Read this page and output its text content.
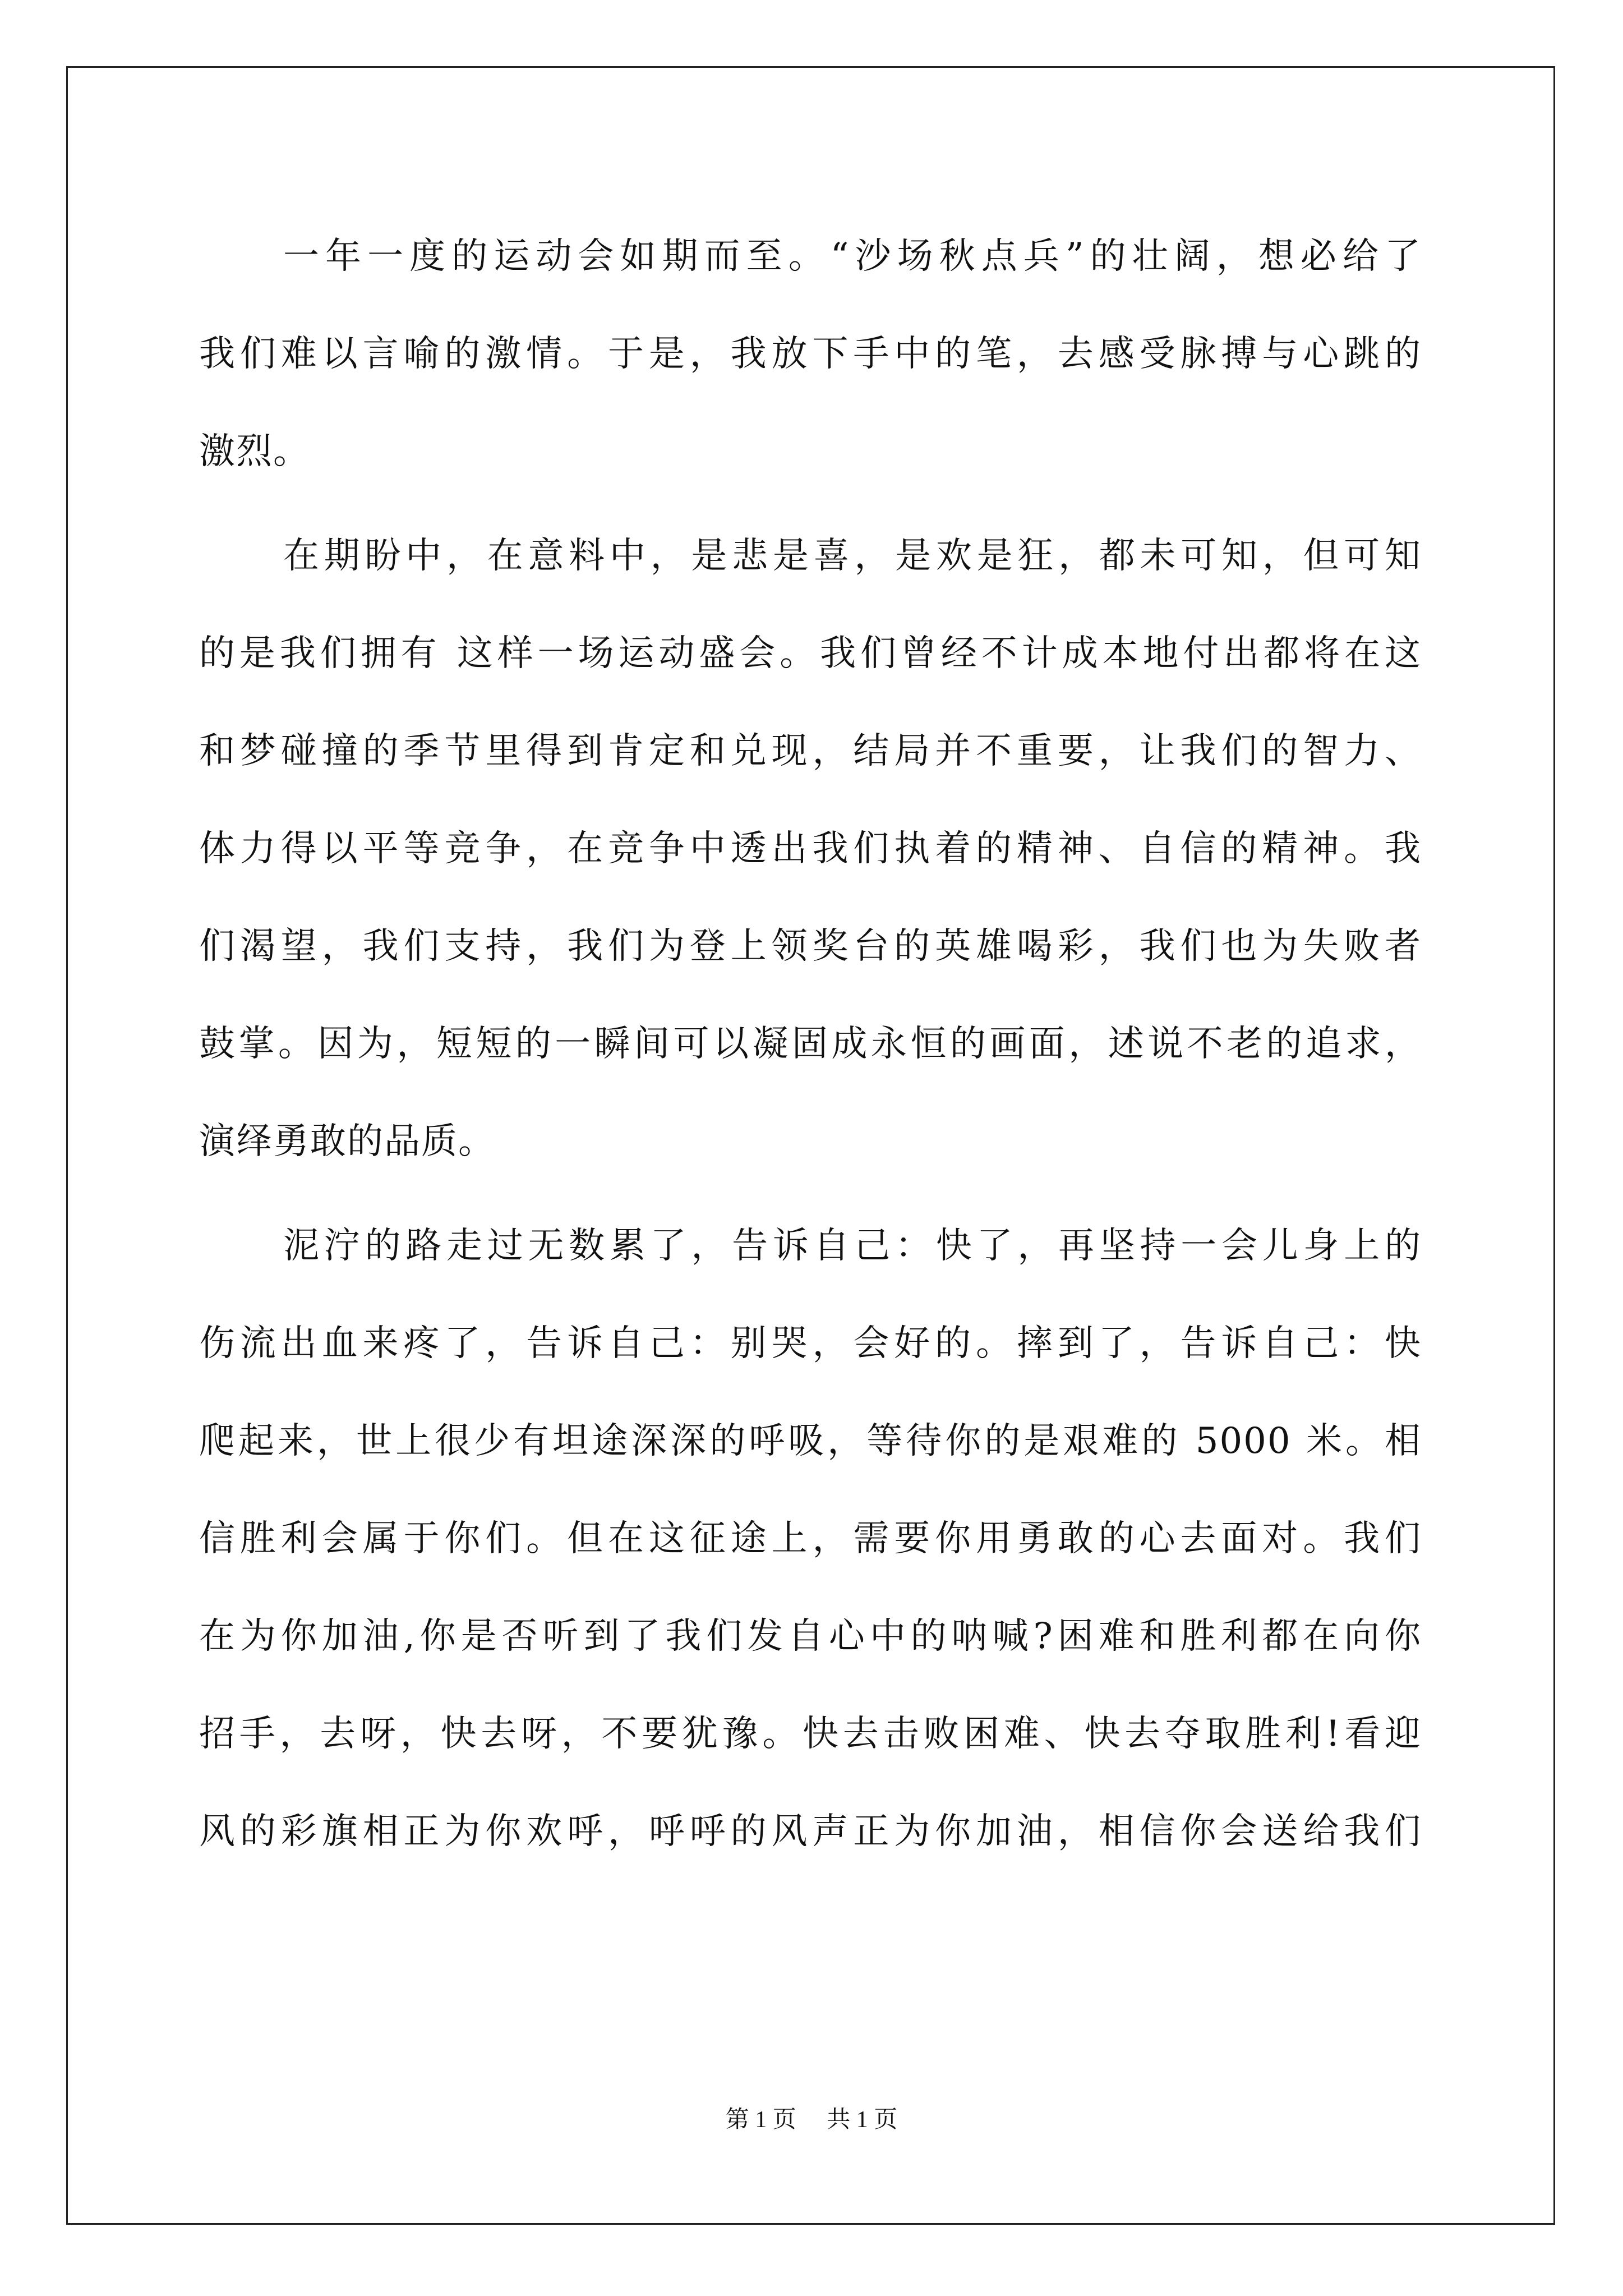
一年一度的运动会如期而至。“沙场秋点兵”的壮阔，想必给了
我们难以言喻的激情。于是，我放下手中的笔，去感受脉搏与心跳的
激烈。
在期盼中，在意料中，是悲是喜，是欢是狂，都未可知，但可知
的是我们拥有 这样一场运动盛会。我们曾经不计成本地付出都将在这
和梦碰撞的季节里得到肯定和兑现，结局并不重要，让我们的智力、
体力得以平等竞争，在竞争中透出我们执着的精神、自信的精神。我
们渴望，我们支持，我们为登上领奖台的英雄喝彩，我们也为失败者
鼓掌。因为，短短的一瞬间可以凝固成永恒的画面，述说不老的追求，
演绎勇敢的品质。
泥泞的路走过无数累了，告诉自己：快了，再坚持一会儿身上的
伤流出血来疼了，告诉自己：别哭，会好的。摔到了，告诉自己：快
爬起来，世上很少有坦途深深的呼吸，等待你的是艰难的 5000 米。相
信胜利会属于你们。但在这征途上，需要你用勇敢的心去面对。我们
在为你加油,你是否听到了我们发自心中的呐喊?困难和胜利都在向你
招手，去呀，快去呀，不要犹豫。快去击败困难、快去夺取胜利!看迎
风的彩旗相正为你欢呼，呼呼的风声正为你加油，相信你会送给我们
第 1 页 共 1 页
